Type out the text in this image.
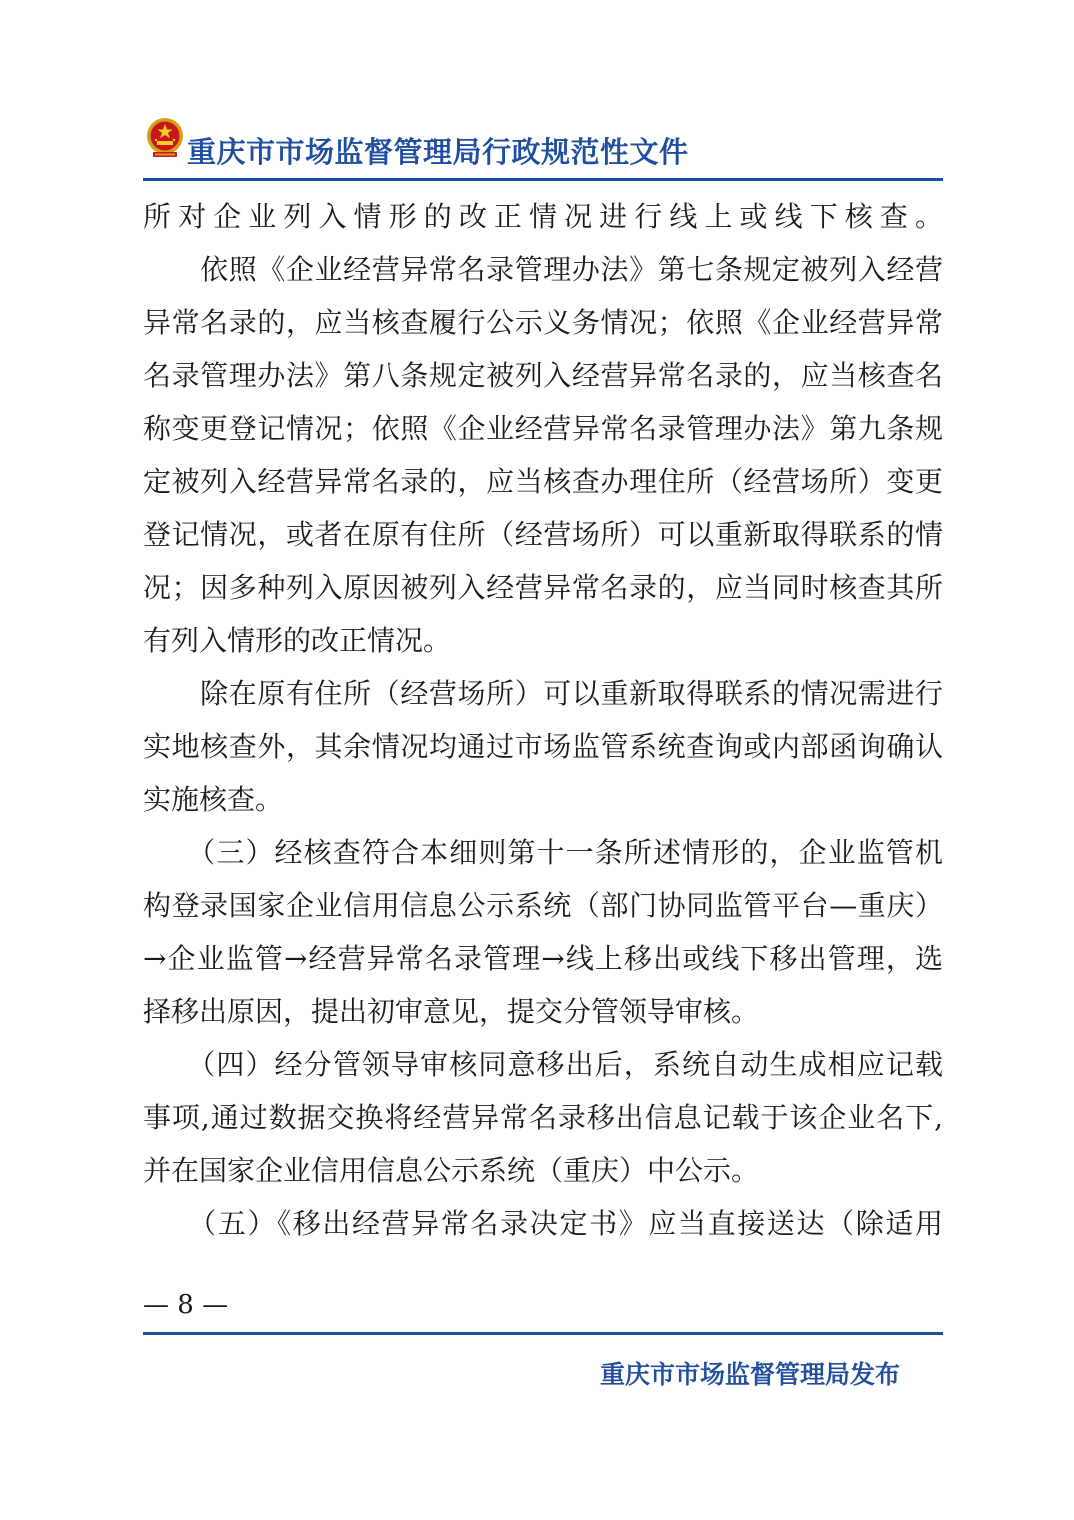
重庆市市场监督管理局行政规范性文件
所对企业列入情形的改正情况进行线上或线下核查。
　　依照《企业经营异常名录管理办法》第七条规定被列入经营
异常名录的，应当核查履行公示义务情况；依照《企业经营异常
名录管理办法》第八条规定被列入经营异常名录的，应当核查名
称变更登记情况；依照《企业经营异常名录管理办法》第九条规
定被列入经营异常名录的，应当核查办理住所（经营场所）变更
登记情况，或者在原有住所（经营场所）可以重新取得联系的情
况；因多种列入原因被列入经营异常名录的，应当同时核查其所
有列入情形的改正情况。
　　除在原有住所（经营场所）可以重新取得联系的情况需进行
实地核查外，其余情况均通过市场监管系统查询或内部函询确认
实施核查。
　　（三）经核查符合本细则第十一条所述情形的，企业监管机
构登录国家企业信用信息公示系统（部门协同监管平台—重庆）
→企业监管→经营异常名录管理→线上移出或线下移出管理，选
择移出原因，提出初审意见，提交分管领导审核。
　　（四）经分管领导审核同意移出后，系统自动生成相应记载
事项,通过数据交换将经营异常名录移出信息记载于该企业名下,
并在国家企业信用信息公示系统（重庆）中公示。
　　（五）《移出经营异常名录决定书》应当直接送达（除适用
— 8 —
重庆市市场监督管理局发布
